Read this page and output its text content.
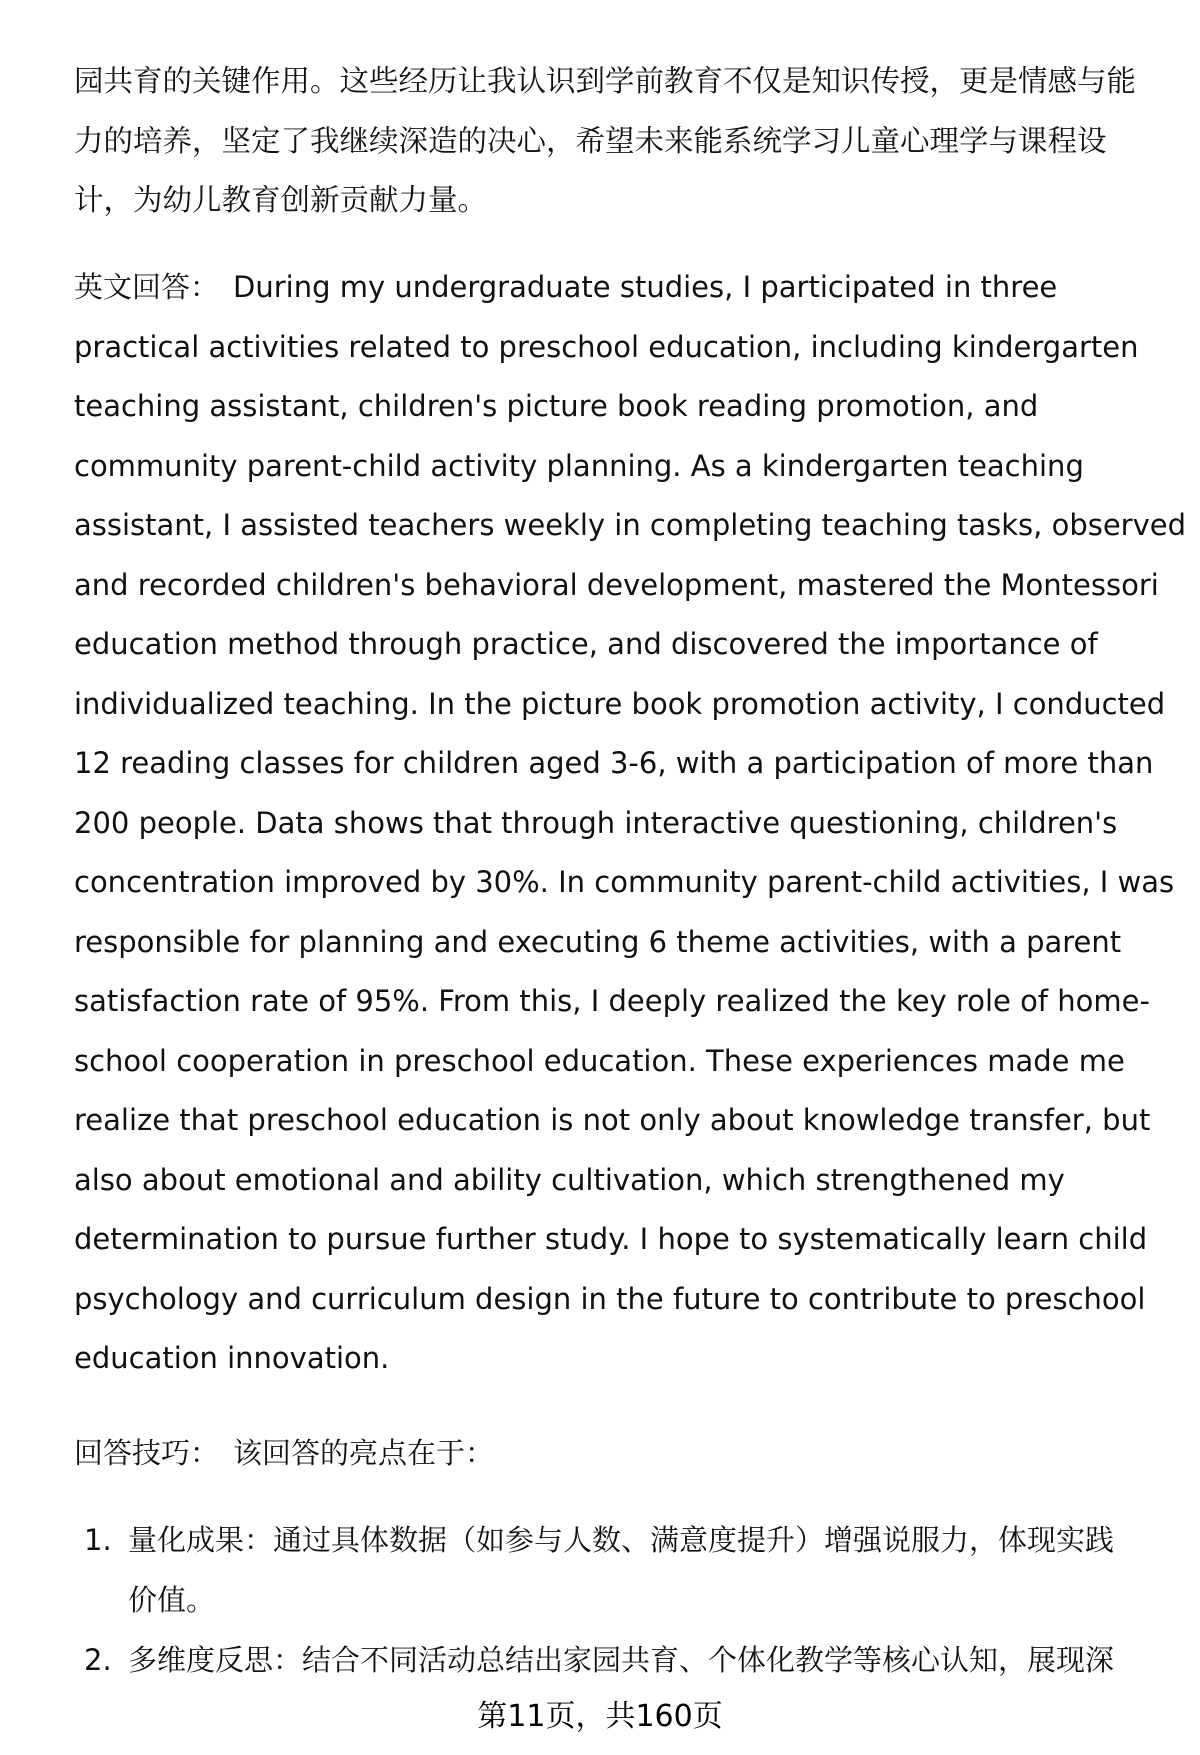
园共育的关键作用。这些经历让我认识到学前教育不仅是知识传授，更是情感与能
力的培养，坚定了我继续深造的决心，希望未来能系统学习儿童心理学与课程设
计，为幼儿教育创新贡献力量。
英文回答： During my undergraduate studies, I participated in three
practical activities related to preschool education, including kindergarten
teaching assistant, children's picture book reading promotion, and
community parent-child activity planning. As a kindergarten teaching
assistant, I assisted teachers weekly in completing teaching tasks, observed
and recorded children's behavioral development, mastered the Montessori
education method through practice, and discovered the importance of
individualized teaching. In the picture book promotion activity, I conducted
12 reading classes for children aged 3-6, with a participation of more than
200 people. Data shows that through interactive questioning, children's
concentration improved by 30%. In community parent-child activities, I was
responsible for planning and executing 6 theme activities, with a parent
satisfaction rate of 95%. From this, I deeply realized the key role of home-
school cooperation in preschool education. These experiences made me
realize that preschool education is not only about knowledge transfer, but
also about emotional and ability cultivation, which strengthened my
determination to pursue further study. I hope to systematically learn child
psychology and curriculum design in the future to contribute to preschool
education innovation.
回答技巧： 该回答的亮点在于：
1. 量化成果：通过具体数据（如参与人数、满意度提升）增强说服力，体现实践
价值。
2. 多维度反思：结合不同活动总结出家园共育、个体化教学等核心认知，展现深
第11页，共160页
